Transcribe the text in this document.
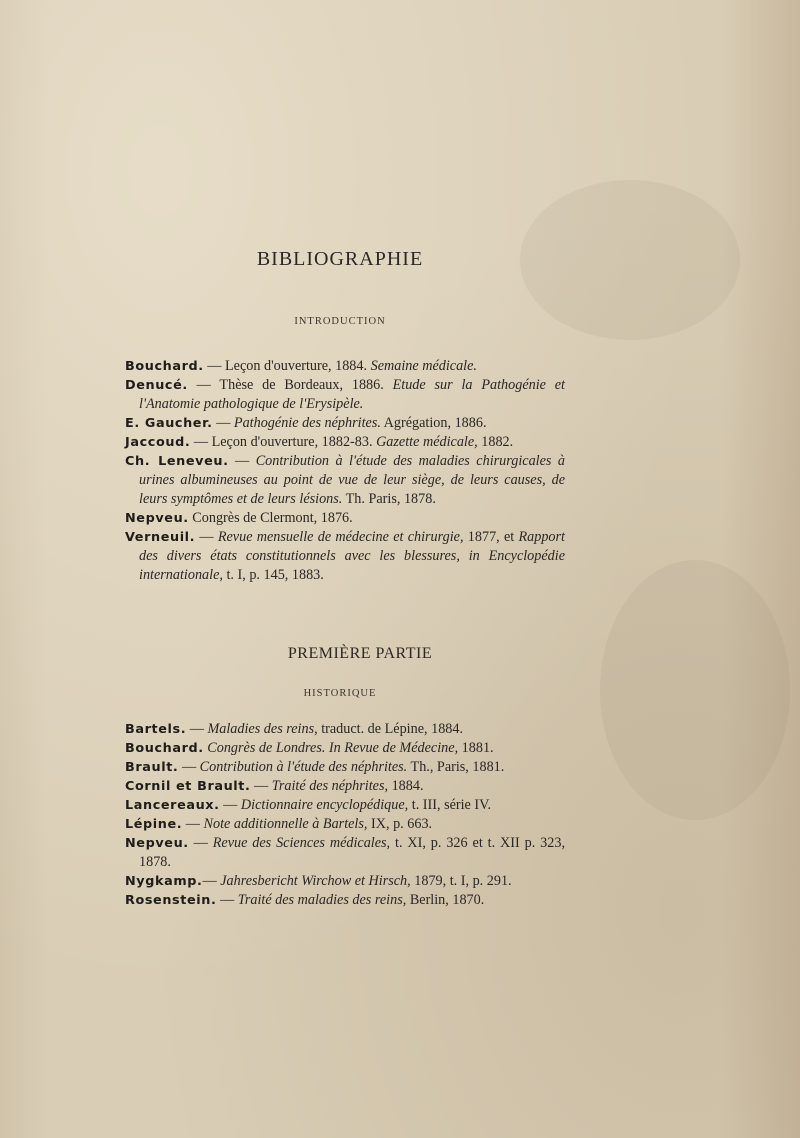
BIBLIOGRAPHIE
INTRODUCTION
Bouchard. — Leçon d'ouverture, 1884. Semaine médicale.
Denucé. — Thèse de Bordeaux, 1886. Etude sur la Pathogénie et l'Anatomie pathologique de l'Erysipèle.
E. Gaucher. — Pathogénie des néphrites. Agrégation, 1886.
Jaccoud. — Leçon d'ouverture, 1882-83. Gazette médicale, 1882.
Ch. Leneveu. — Contribution à l'étude des maladies chirurgicales à urines albumineuses au point de vue de leur siège, de leurs causes, de leurs symptômes et de leurs lésions. Th. Paris, 1878.
Nepveu. Congrès de Clermont, 1876.
Verneuil. — Revue mensuelle de médecine et chirurgie, 1877, et Rapport des divers états constitutionnels avec les blessures, in Encyclopédie internationale, t. I, p. 145, 1883.
PREMIÈRE PARTIE
HISTORIQUE
Bartels. — Maladies des reins, traduct. de Lépine, 1884.
Bouchard. Congrès de Londres. In Revue de Médecine, 1881.
Brault. — Contribution à l'étude des néphrites. Th., Paris, 1881.
Cornil et Brault. — Traité des néphrites, 1884.
Lancereaux. — Dictionnaire encyclopédique, t. III, série IV.
Lépine. — Note additionnelle à Bartels, IX, p. 663.
Nepveu. — Revue des Sciences médicales, t. XI, p. 326 et t. XII p. 323, 1878.
Nygkamp.— Jahresbericht Wirchow et Hirsch, 1879, t. I, p. 291.
Rosenstein. — Traité des maladies des reins, Berlin, 1870.
